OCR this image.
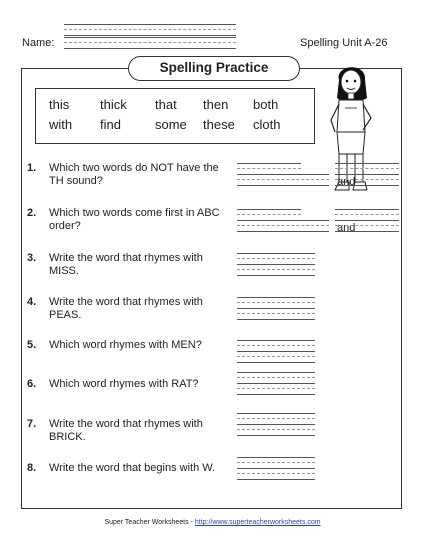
Name:	Spelling Unit A-26
Spelling Practice
this thick that then both
with find	some these cloth
1. Which two words do NOT have the TH sound?	and
2. Which two words come first in ABC order?	and
3. Write the word that rhymes with MISS.
4. Write the word that rhymes with PEAS.
5. Which word rhymes with MEN?
6. Which word rhymes with RAT?
7. Write the word that rhymes with BRICK.
8. Write the word that begins with W.
Super Teacher Worksheets - http://www.superteacherworksheets.com
